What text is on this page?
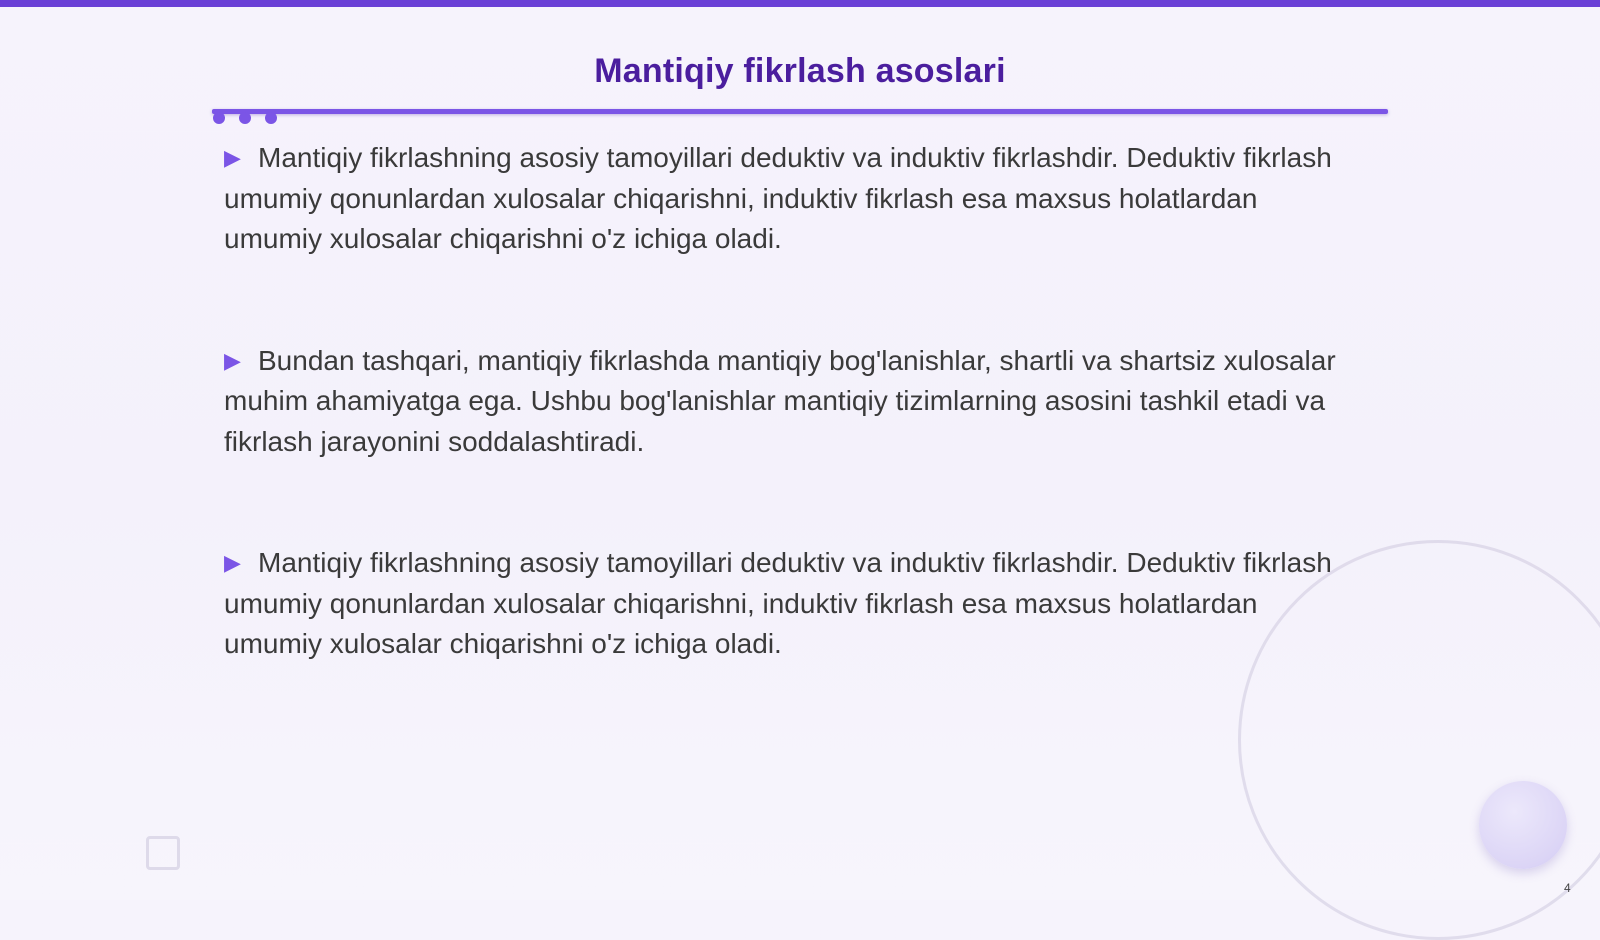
Mantiqiy fikrlash asoslari

▶ Mantiqiy fikrlashning asosiy tamoyillari deduktiv va induktiv fikrlashdir. Deduktiv fikrlash umumiy qonunlardan xulosalar chiqarishni, induktiv fikrlash esa maxsus holatlardan umumiy xulosalar chiqarishni o'z ichiga oladi.

▶ Bundan tashqari, mantiqiy fikrlashda mantiqiy bog'lanishlar, shartli va shartsiz xulosalar muhim ahamiyatga ega. Ushbu bog'lanishlar mantiqiy tizimlarning asosini tashkil etadi va fikrlash jarayonini soddalashtiradi.

▶ Mantiqiy fikrlashning asosiy tamoyillari deduktiv va induktiv fikrlashdir. Deduktiv fikrlash umumiy qonunlardan xulosalar chiqarishni, induktiv fikrlash esa maxsus holatlardan umumiy xulosalar chiqarishni o'z ichiga oladi.

4
